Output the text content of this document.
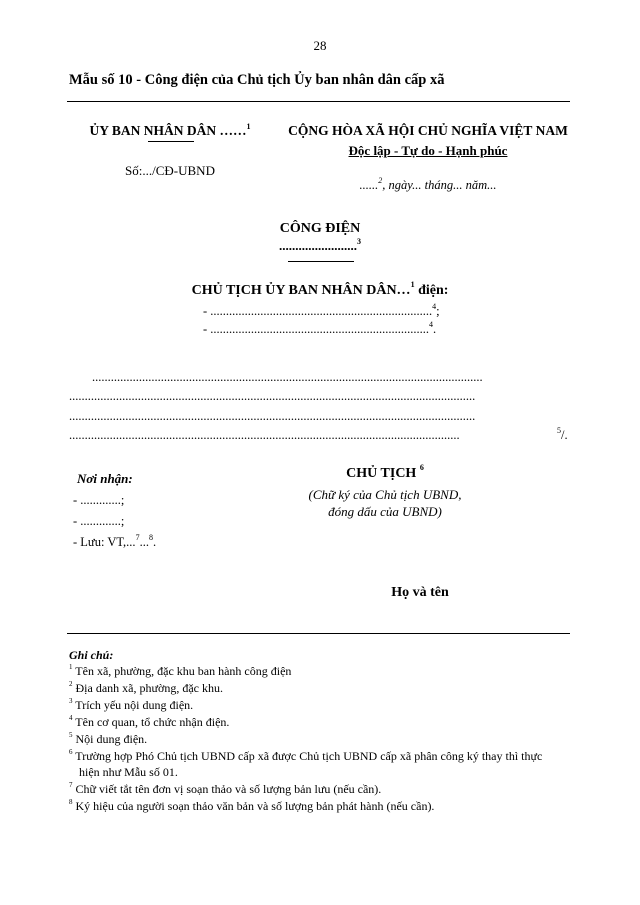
28
Mẫu số 10 - Công điện của Chủ tịch Ủy ban nhân dân cấp xã
ỦY BAN NHÂN DÂN ……$^1$
Số:.../CĐ-UBND
CỘNG HÒA XÃ HỘI CHỦ NGHĨA VIỆT NAM
Độc lập - Tự do - Hạnh phúc
......$^2$, ngày... tháng... năm...
CÔNG ĐIỆN
........................$^3$
CHỦ TỊCH ỦY BAN NHÂN DÂN…$^1$ điện:
- .......................................................................$^4$;
- ......................................................................$^4$.
.............................................................................................................................
..................................................................................................................................
..................................................................................................................................
.............................................................................................................................	$^5$/.
Nơi nhận:
- .............;
- .............;
- Lưu: VT,...$^7$...$^8$.
CHỦ TỊCH $^6$
(Chữ ký của Chủ tịch UBND,
đóng dấu của UBND)
Họ và tên
Ghi chú:
$^1$ Tên xã, phường, đặc khu ban hành công điện
$^2$ Địa danh xã, phường, đặc khu.
$^3$ Trích yếu nội dung điện.
$^4$ Tên cơ quan, tổ chức nhận điện.
$^5$ Nội dung điện.
$^6$ Trường hợp Phó Chủ tịch UBND cấp xã được Chủ tịch UBND cấp xã phân công ký thay thì thực
hiện như Mẫu số 01.
$^7$ Chữ viết tắt tên đơn vị soạn thảo và số lượng bản lưu (nếu cần).
$^8$ Ký hiệu của người soạn thảo văn bản và số lượng bản phát hành (nếu cần).
